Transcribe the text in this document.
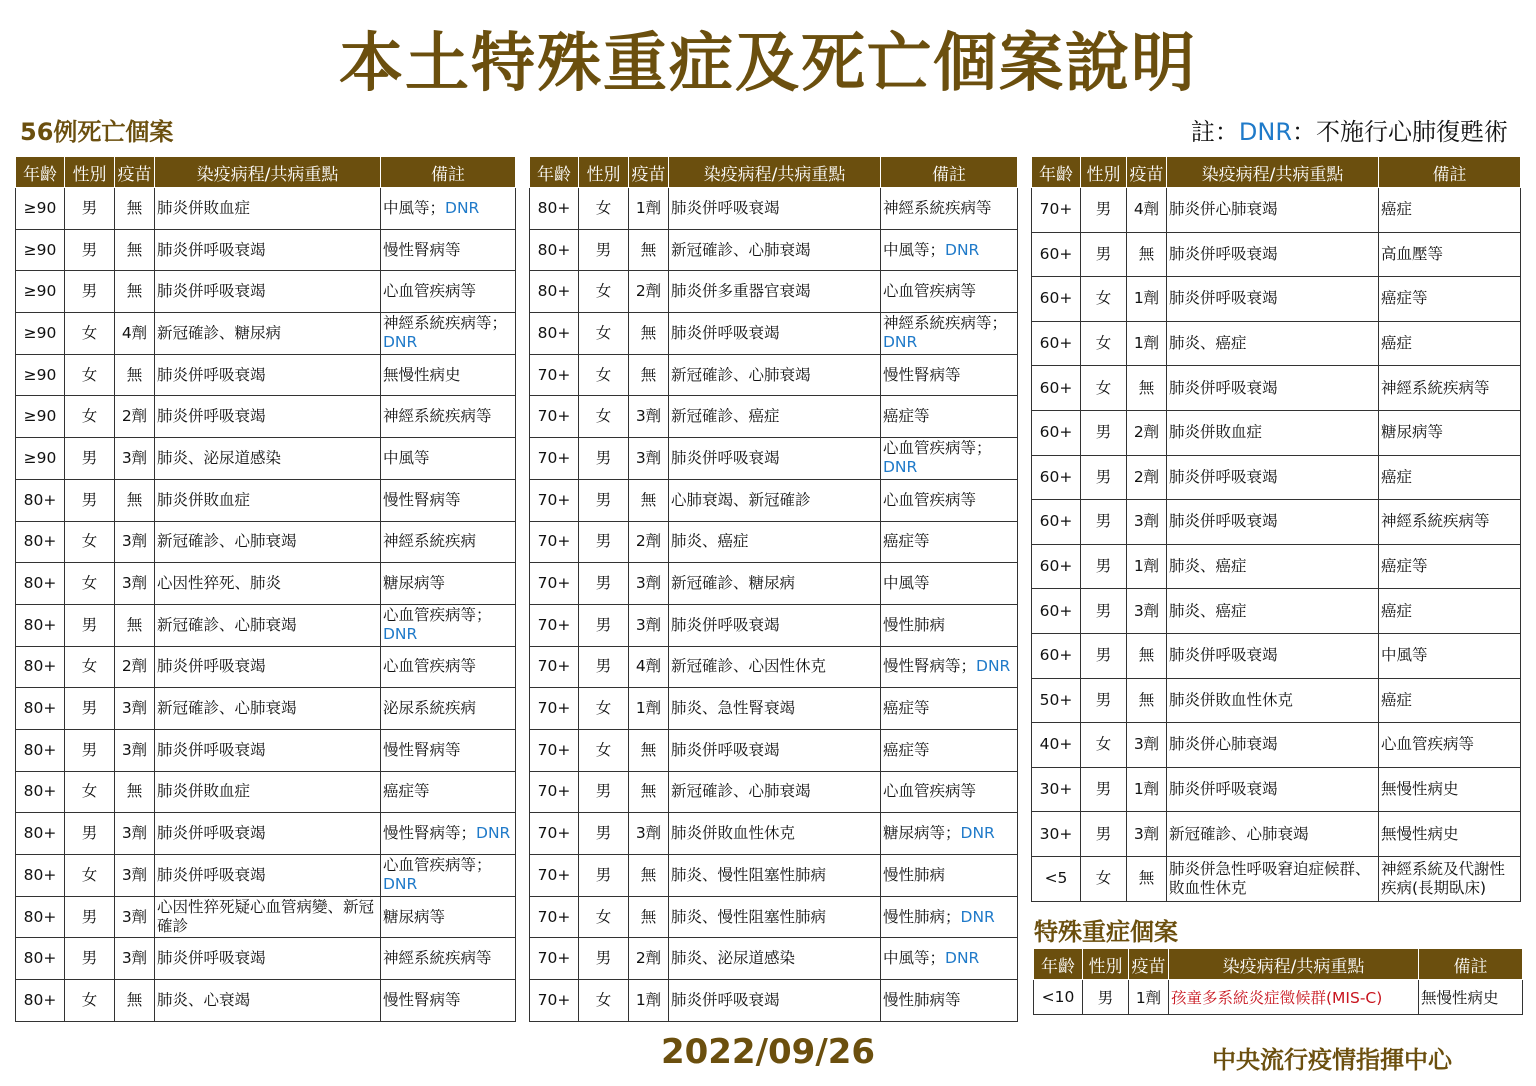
本土特殊重症及死亡個案說明
56例死亡個案	註：DNR：不施行心肺復甦術
年齡	性別	疫苗	染疫病程/共病重點	備註
≥90	男	無	肺炎併敗血症	中風等；DNR
≥90	男	無	肺炎併呼吸衰竭	慢性腎病等
≥90	男	無	肺炎併呼吸衰竭	心血管疾病等
≥90	女	4劑	新冠確診、糖尿病	神經系統疾病等；DNR
≥90	女	無	肺炎併呼吸衰竭	無慢性病史
≥90	女	2劑	肺炎併呼吸衰竭	神經系統疾病等
≥90	男	3劑	肺炎、泌尿道感染	中風等
80+	男	無	肺炎併敗血症	慢性腎病等
80+	女	3劑	新冠確診、心肺衰竭	神經系統疾病
80+	女	3劑	心因性猝死、肺炎	糖尿病等
80+	男	無	新冠確診、心肺衰竭	心血管疾病等；DNR
80+	女	2劑	肺炎併呼吸衰竭	心血管疾病等
80+	男	3劑	新冠確診、心肺衰竭	泌尿系統疾病
80+	男	3劑	肺炎併呼吸衰竭	慢性腎病等
80+	女	無	肺炎併敗血症	癌症等
80+	男	3劑	肺炎併呼吸衰竭	慢性腎病等；DNR
80+	女	3劑	肺炎併呼吸衰竭	心血管疾病等；DNR
80+	男	3劑	心因性猝死疑心血管病變、新冠確診	糖尿病等
80+	男	3劑	肺炎併呼吸衰竭	神經系統疾病等
80+	女	無	肺炎、心衰竭	慢性腎病等
年齡	性別	疫苗	染疫病程/共病重點	備註
80+	女	1劑	肺炎併呼吸衰竭	神經系統疾病等
80+	男	無	新冠確診、心肺衰竭	中風等；DNR
80+	女	2劑	肺炎併多重器官衰竭	心血管疾病等
80+	女	無	肺炎併呼吸衰竭	神經系統疾病等；DNR
70+	女	無	新冠確診、心肺衰竭	慢性腎病等
70+	女	3劑	新冠確診、癌症	癌症等
70+	男	3劑	肺炎併呼吸衰竭	心血管疾病等；DNR
70+	男	無	心肺衰竭、新冠確診	心血管疾病等
70+	男	2劑	肺炎、癌症	癌症等
70+	男	3劑	新冠確診、糖尿病	中風等
70+	男	3劑	肺炎併呼吸衰竭	慢性肺病
70+	男	4劑	新冠確診、心因性休克	慢性腎病等；DNR
70+	女	1劑	肺炎、急性腎衰竭	癌症等
70+	女	無	肺炎併呼吸衰竭	癌症等
70+	男	無	新冠確診、心肺衰竭	心血管疾病等
70+	男	3劑	肺炎併敗血性休克	糖尿病等；DNR
70+	男	無	肺炎、慢性阻塞性肺病	慢性肺病
70+	女	無	肺炎、慢性阻塞性肺病	慢性肺病；DNR
70+	男	2劑	肺炎、泌尿道感染	中風等；DNR
70+	女	1劑	肺炎併呼吸衰竭	慢性肺病等
年齡	性別	疫苗	染疫病程/共病重點	備註
70+	男	4劑	肺炎併心肺衰竭	癌症
60+	男	無	肺炎併呼吸衰竭	高血壓等
60+	女	1劑	肺炎併呼吸衰竭	癌症等
60+	女	1劑	肺炎、癌症	癌症
60+	女	無	肺炎併呼吸衰竭	神經系統疾病等
60+	男	2劑	肺炎併敗血症	糖尿病等
60+	男	2劑	肺炎併呼吸衰竭	癌症
60+	男	3劑	肺炎併呼吸衰竭	神經系統疾病等
60+	男	1劑	肺炎、癌症	癌症等
60+	男	3劑	肺炎、癌症	癌症
60+	男	無	肺炎併呼吸衰竭	中風等
50+	男	無	肺炎併敗血性休克	癌症
40+	女	3劑	肺炎併心肺衰竭	心血管疾病等
30+	男	1劑	肺炎併呼吸衰竭	無慢性病史
30+	男	3劑	新冠確診、心肺衰竭	無慢性病史
<5	女	無	肺炎併急性呼吸窘迫症候群、敗血性休克	神經系統及代謝性疾病(長期臥床)
特殊重症個案
年齡	性別	疫苗	染疫病程/共病重點	備註
<10	男	1劑	孩童多系統炎症徵候群(MIS-C)	無慢性病史
2022/09/26	中央流行疫情指揮中心
